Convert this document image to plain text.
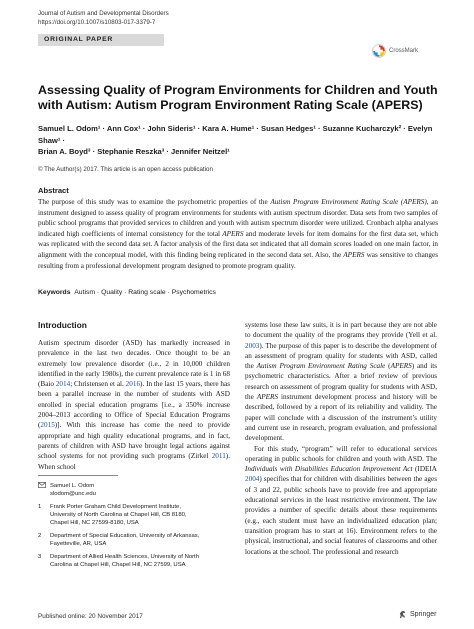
Journal of Autism and Developmental Disorders
https://doi.org/10.1007/s10803-017-3379-7
ORIGINAL PAPER
CrossMark
Assessing Quality of Program Environments for Children and Youth
with Autism: Autism Program Environment Rating Scale (APERS)
Samuel L. Odom¹ · Ann Cox¹ · John Sideris¹ · Kara A. Hume¹ · Susan Hedges¹ · Suzanne Kucharczyk² · Evelyn Shaw¹ ·
Brian A. Boyd³ · Stephanie Reszka³ · Jennifer Neitzel¹
© The Author(s) 2017. This article is an open access publication
Abstract
The purpose of this study was to examine the psychometric properties of the Autism Program Environment Rating Scale (APERS), an instrument designed to assess quality of program environments for students with autism spectrum disorder. Data sets from two samples of public school programs that provided services to children and youth with autism spectrum disorder were utilized. Cronbach alpha analyses indicated high coefficients of internal consistency for the total APERS and moderate levels for item domains for the first data set, which was replicated with the second data set. A factor analysis of the first data set indicated that all domain scores loaded on one main factor, in alignment with the conceptual model, with this finding being replicated in the second data set. Also, the APERS was sensitive to changes resulting from a professional development program designed to promote program quality.
Keywords Autism · Quality · Rating scale · Psychometrics
Introduction

Autism spectrum disorder (ASD) has markedly increased in prevalence in the last two decades. Once thought to be an extremely low prevalence disorder (i.e., 2 in 10,000 children identified in the early 1980s), the current prevalence rate is 1 in 68 (Baio 2014; Christensen et al. 2016). In the last 15 years, there has been a parallel increase in the number of students with ASD enrolled in special education programs [i.e., a 350% increase 2004–2013 according to Office of Special Education Programs (2015)]. With this increase has come the need to provide appropriate and high quality educational programs, and in fact, parents of children with ASD have brought legal actions against school systems for not providing such programs (Zirkel 2011). When school

systems lose these law suits, it is in part because they are not able to document the quality of the programs they provide (Yell et al. 2003). The purpose of this paper is to describe the development of an assessment of program quality for students with ASD, called the Autism Program Environment Rating Scale (APERS) and its psychometric characteristics. After a brief review of previous research on assessment of program quality for students with ASD, the APERS instrument development process and history will be described, followed by a report of its reliability and validity. The paper will conclude with a discussion of the instrument’s utility and current use in research, program evaluation, and professional development.

For this study, “program” will refer to educational services operating in public schools for children and youth with ASD. The Individuals with Disabilities Education Improvement Act (IDEIA 2004) specifies that for children with disabilities between the ages of 3 and 22, public schools have to provide free and appropriate educational services in the least restrictive environment. The law provides a number of specific details about these requirements (e.g., each student must have an individualized education plan; transition program has to start at 16). Environment refers to the physical, instructional, and social features of classrooms and other locations at the school. The professional and research

Samuel L. Odom
slodom@unc.edu
1	Frank Porter Graham Child Development Institute,
University of North Carolina at Chapel Hill, CB 8180,
Chapel Hill, NC 27599-8180, USA
2	Department of Special Education, University of Arkansas,
Fayetteville, AR, USA
3	Department of Allied Health Sciences, University of North
Carolina at Chapel Hill, Chapel Hill, NC 27599, USA
Published online: 20 November 2017	Springer
